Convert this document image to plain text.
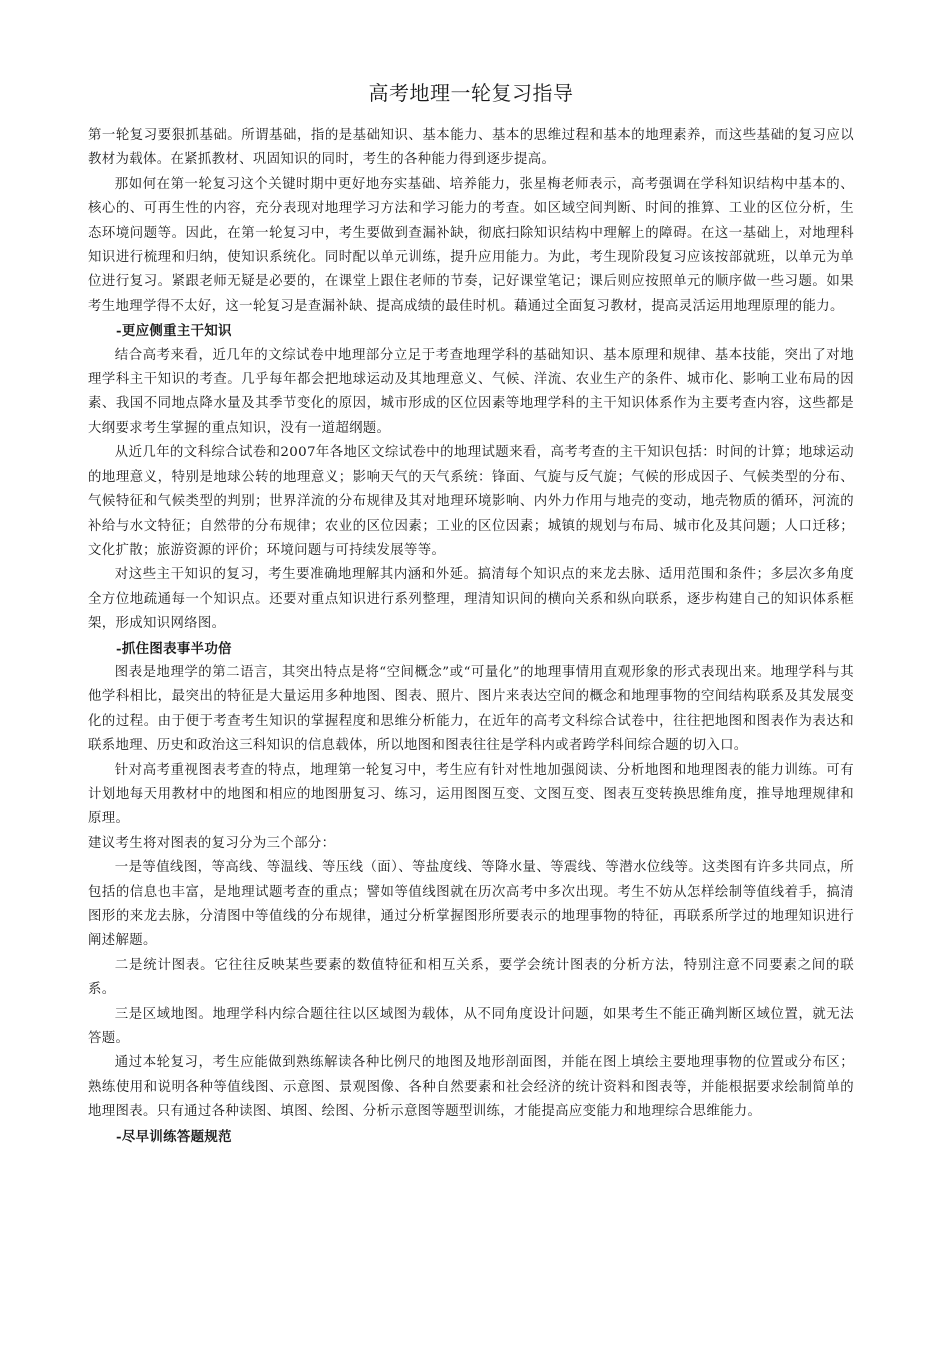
高考地理一轮复习指导

第一轮复习要狠抓基础。所谓基础，指的是基础知识、基本能力、基本的思维过程和基本的地理素养，而这些基础的复习应以教材为载体。在紧抓教材、巩固知识的同时，考生的各种能力得到逐步提高。

那如何在第一轮复习这个关键时期中更好地夯实基础、培养能力，张星梅老师表示，高考强调在学科知识结构中基本的、核心的、可再生性的内容，充分表现对地理学习方法和学习能力的考查。如区域空间判断、时间的推算、工业的区位分析，生态环境问题等。因此，在第一轮复习中，考生要做到查漏补缺，彻底扫除知识结构中理解上的障碍。在这一基础上，对地理科知识进行梳理和归纳，使知识系统化。同时配以单元训练，提升应用能力。为此，考生现阶段复习应该按部就班，以单元为单位进行复习。紧跟老师无疑是必要的，在课堂上跟住老师的节奏，记好课堂笔记；课后则应按照单元的顺序做一些习题。如果考生地理学得不太好，这一轮复习是查漏补缺、提高成绩的最佳时机。藉通过全面复习教材，提高灵活运用地理原理的能力。

-更应侧重主干知识

结合高考来看，近几年的文综试卷中地理部分立足于考查地理学科的基础知识、基本原理和规律、基本技能，突出了对地理学科主干知识的考查。几乎每年都会把地球运动及其地理意义、气候、洋流、农业生产的条件、城市化、影响工业布局的因素、我国不同地点降水量及其季节变化的原因，城市形成的区位因素等地理学科的主干知识体系作为主要考查内容，这些都是大纲要求考生掌握的重点知识，没有一道超纲题。

从近几年的文科综合试卷和2007年各地区文综试卷中的地理试题来看，高考考查的主干知识包括：时间的计算；地球运动的地理意义，特别是地球公转的地理意义；影响天气的天气系统：锋面、气旋与反气旋；气候的形成因子、气候类型的分布、气候特征和气候类型的判别；世界洋流的分布规律及其对地理环境影响、内外力作用与地壳的变动，地壳物质的循环，河流的补给与水文特征；自然带的分布规律；农业的区位因素；工业的区位因素；城镇的规划与布局、城市化及其问题；人口迁移；文化扩散；旅游资源的评价；环境问题与可持续发展等等。

对这些主干知识的复习，考生要准确地理解其内涵和外延。搞清每个知识点的来龙去脉、适用范围和条件；多层次多角度全方位地疏通每一个知识点。还要对重点知识进行系列整理，理清知识间的横向关系和纵向联系，逐步构建自己的知识体系框架，形成知识网络图。

-抓住图表事半功倍

图表是地理学的第二语言，其突出特点是将“空间概念”或“可量化”的地理事情用直观形象的形式表现出来。地理学科与其他学科相比，最突出的特征是大量运用多种地图、图表、照片、图片来表达空间的概念和地理事物的空间结构联系及其发展变化的过程。由于便于考查考生知识的掌握程度和思维分析能力，在近年的高考文科综合试卷中，往往把地图和图表作为表达和联系地理、历史和政治这三科知识的信息载体，所以地图和图表往往是学科内或者跨学科间综合题的切入口。

针对高考重视图表考查的特点，地理第一轮复习中，考生应有针对性地加强阅读、分析地图和地理图表的能力训练。可有计划地每天用教材中的地图和相应的地图册复习、练习，运用图图互变、文图互变、图表互变转换思维角度，推导地理规律和原理。

建议考生将对图表的复习分为三个部分：

一是等值线图，等高线、等温线、等压线（面）、等盐度线、等降水量、等震线、等潜水位线等。这类图有许多共同点，所包括的信息也丰富，是地理试题考查的重点；譬如等值线图就在历次高考中多次出现。考生不妨从怎样绘制等值线着手，搞清图形的来龙去脉，分清图中等值线的分布规律，通过分析掌握图形所要表示的地理事物的特征，再联系所学过的地理知识进行阐述解题。

二是统计图表。它往往反映某些要素的数值特征和相互关系，要学会统计图表的分析方法，特别注意不同要素之间的联系。

三是区域地图。地理学科内综合题往往以区域图为载体，从不同角度设计问题，如果考生不能正确判断区域位置，就无法答题。

通过本轮复习，考生应能做到熟练解读各种比例尺的地图及地形剖面图，并能在图上填绘主要地理事物的位置或分布区；熟练使用和说明各种等值线图、示意图、景观图像、各种自然要素和社会经济的统计资料和图表等，并能根据要求绘制简单的地理图表。只有通过各种读图、填图、绘图、分析示意图等题型训练，才能提高应变能力和地理综合思维能力。

-尽早训练答题规范
